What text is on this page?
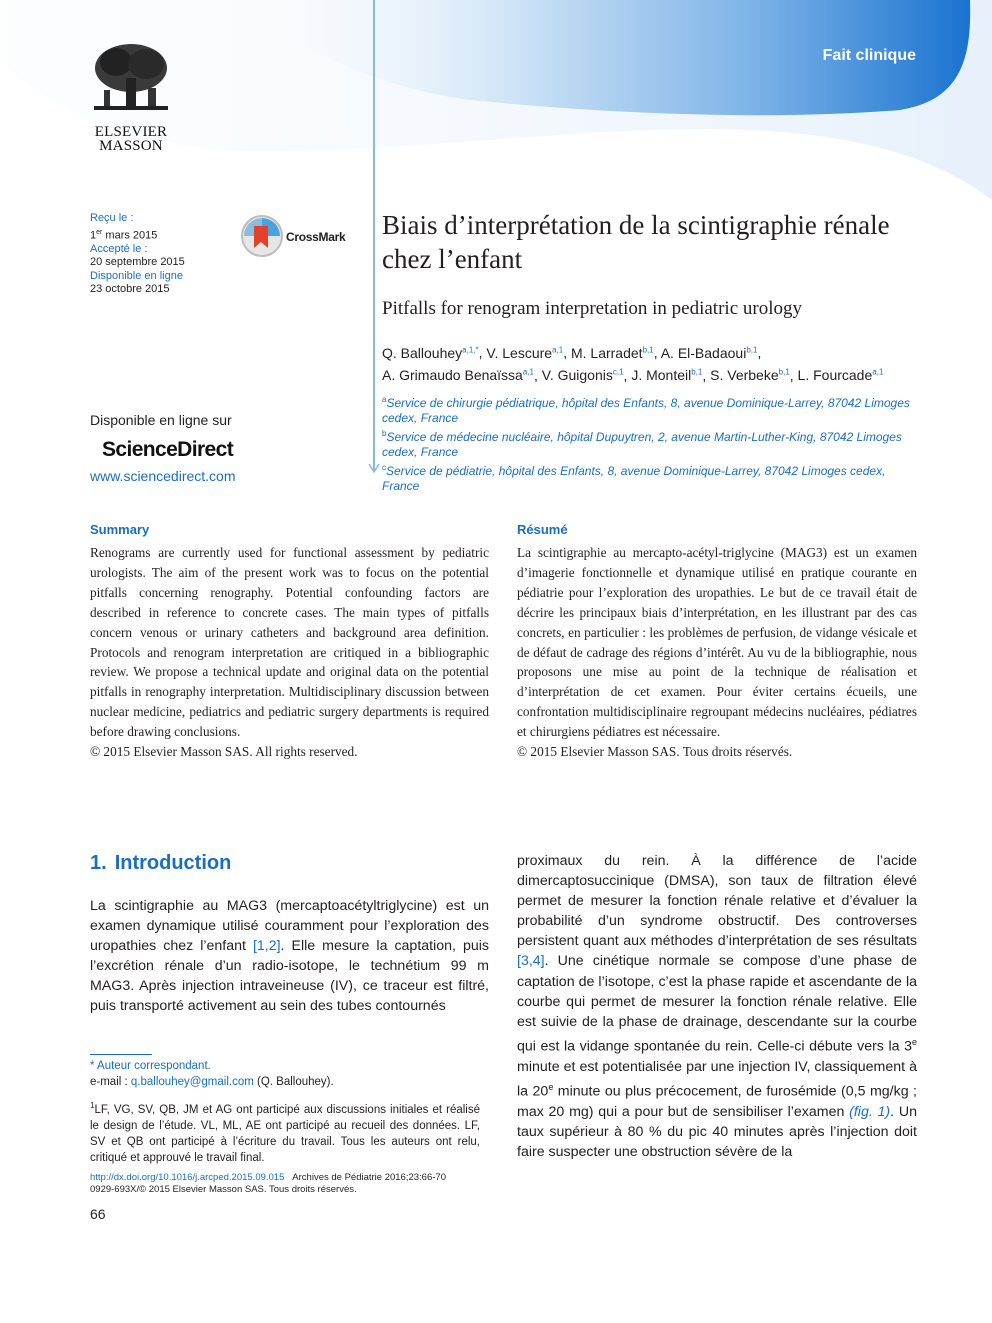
Fait clinique
ELSEVIER
MASSON
Reçu le :
1er mars 2015
Accepté le :
20 septembre 2015
Disponible en ligne
23 octobre 2015
CrossMark
Disponible en ligne sur
ScienceDirect
www.sciencedirect.com
Biais d’interprétation de la scintigraphie rénale chez l’enfant
Pitfalls for renogram interpretation in pediatric urology
Q. Ballouhey$^{a,1,*}$, V. Lescure$^{a,1}$, M. Larradet$^{b,1}$, A. El-Badaoui$^{b,1}$,
A. Grimaudo Benaïssa$^{a,1}$, V. Guigonis$^{c,1}$, J. Monteil$^{b,1}$, S. Verbeke$^{b,1}$, L. Fourcade$^{a,1}$
$^a$Service de chirurgie pédiatrique, hôpital des Enfants, 8, avenue Dominique-Larrey, 87042 Limoges cedex, France
$^b$Service de médecine nucléaire, hôpital Dupuytren, 2, avenue Martin-Luther-King, 87042 Limoges cedex, France
$^c$Service de pédiatrie, hôpital des Enfants, 8, avenue Dominique-Larrey, 87042 Limoges cedex, France
Summary
Renograms are currently used for functional assessment by pediatric urologists. The aim of the present work was to focus on the potential pitfalls concerning renography. Potential confounding factors are described in reference to concrete cases. The main types of pitfalls concern venous or urinary catheters and background area definition. Protocols and renogram interpretation are critiqued in a bibliographic review. We propose a technical update and original data on the potential pitfalls in renography interpretation. Multidisciplinary discussion between nuclear medicine, pediatrics and pediatric surgery departments is required before drawing conclusions.
© 2015 Elsevier Masson SAS. All rights reserved.
Résumé
La scintigraphie au mercapto-acétyl-triglycine (MAG3) est un examen d’imagerie fonctionnelle et dynamique utilisé en pratique courante en pédiatrie pour l’exploration des uropathies. Le but de ce travail était de décrire les principaux biais d’interprétation, en les illustrant par des cas concrets, en particulier : les problèmes de perfusion, de vidange vésicale et de défaut de cadrage des régions d’intérêt. Au vu de la bibliographie, nous proposons une mise au point de la technique de réalisation et d’interprétation de cet examen. Pour éviter certains écueils, une confrontation multidisciplinaire regroupant médecins nucléaires, pédiatres et chirurgiens pédiatres est nécessaire.
© 2015 Elsevier Masson SAS. Tous droits réservés.
1. Introduction
La scintigraphie au MAG3 (mercaptoacétyltriglycine) est un examen dynamique utilisé couramment pour l’exploration des uropathies chez l’enfant [1,2]. Elle mesure la captation, puis l’excrétion rénale d’un radio-isotope, le technétium 99 m MAG3. Après injection intraveineuse (IV), ce traceur est filtré, puis transporté activement au sein des tubes contournés
proximaux du rein. À la différence de l’acide dimercaptosuccinique (DMSA), son taux de filtration élevé permet de mesurer la fonction rénale relative et d’évaluer la probabilité d’un syndrome obstructif. Des controverses persistent quant aux méthodes d’interprétation de ses résultats [3,4]. Une cinétique normale se compose d’une phase de captation de l’isotope, c’est la phase rapide et ascendante de la courbe qui permet de mesurer la fonction rénale relative. Elle est suivie de la phase de drainage, descendante sur la courbe qui est la vidange spontanée du rein. Celle-ci débute vers la 3e minute et est potentialisée par une injection IV, classiquement à la 20e minute ou plus précocement, de furosémide (0,5 mg/kg ; max 20 mg) qui a pour but de sensibiliser l’examen (fig. 1). Un taux supérieur à 80 % du pic 40 minutes après l’injection doit faire suspecter une obstruction sévère de la
* Auteur correspondant.
e-mail : q.ballouhey@gmail.com (Q. Ballouhey).
$^1$LF, VG, SV, QB, JM et AG ont participé aux discussions initiales et réalisé le design de l’étude. VL, ML, AE ont participé au recueil des données. LF, SV et QB ont participé à l’écriture du travail. Tous les auteurs ont relu, critiqué et approuvé le travail final.
http://dx.doi.org/10.1016/j.arcped.2015.09.015 Archives de Pédiatrie 2016;23:66-70
0929-693X/© 2015 Elsevier Masson SAS. Tous droits réservés.
66
